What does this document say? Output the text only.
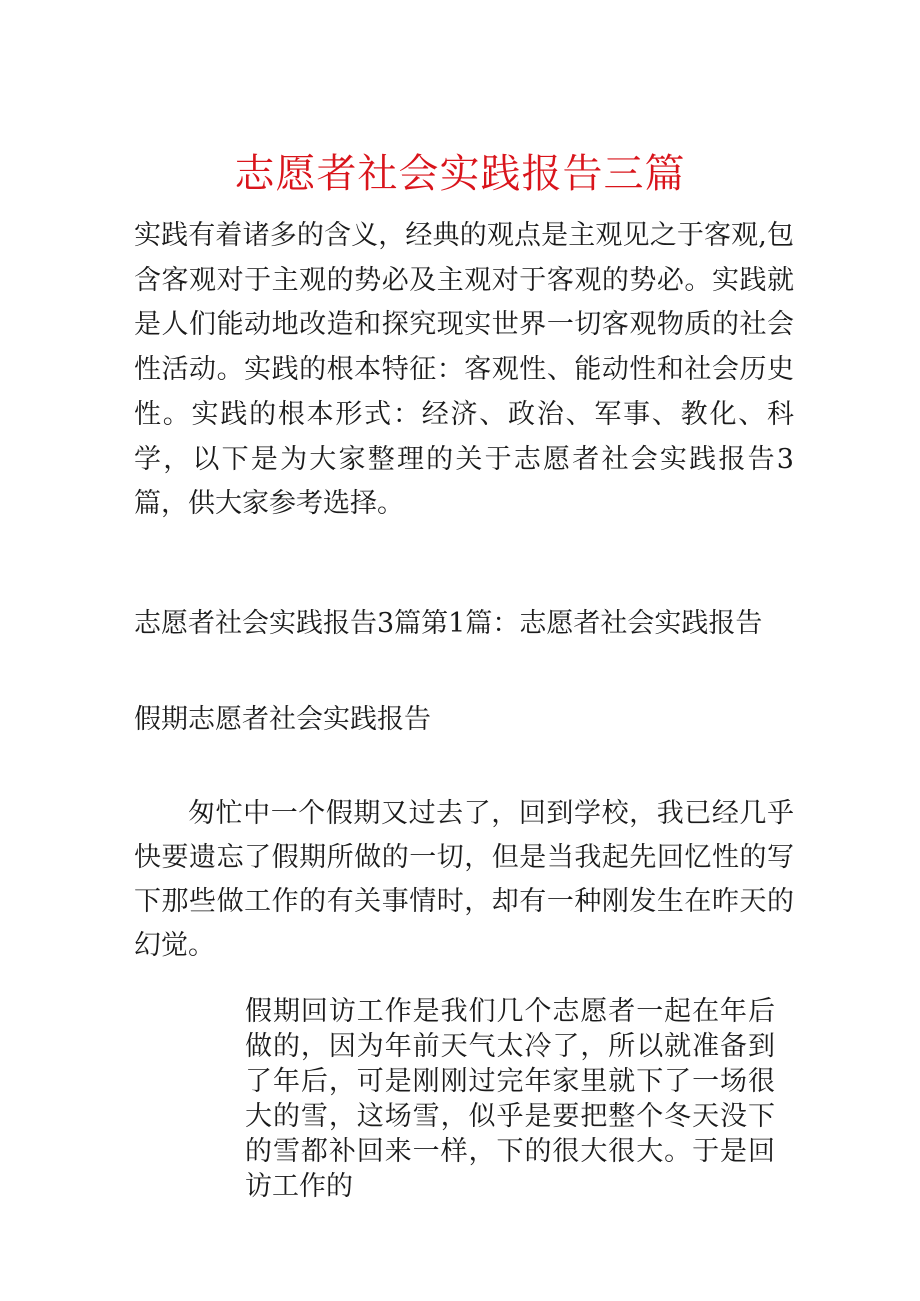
志愿者社会实践报告三篇

实践有着诸多的含义，经典的观点是主观见之于客观,包含客观对于主观的势必及主观对于客观的势必。实践就是人们能动地改造和探究现实世界一切客观物质的社会性活动。实践的根本特征：客观性、能动性和社会历史性。实践的根本形式：经济、政治、军事、教化、科学，以下是为大家整理的关于志愿者社会实践报告3篇，供大家参考选择。

志愿者社会实践报告3篇第1篇：志愿者社会实践报告

假期志愿者社会实践报告

匆忙中一个假期又过去了，回到学校，我已经几乎快要遗忘了假期所做的一切，但是当我起先回忆性的写下那些做工作的有关事情时，却有一种刚发生在昨天的幻觉。

假期回访工作是我们几个志愿者一起在年后做的，因为年前天气太冷了，所以就准备到了年后，可是刚刚过完年家里就下了一场很大的雪，这场雪，似乎是要把整个冬天没下的雪都补回来一样，下的很大很大。于是回访工作的
